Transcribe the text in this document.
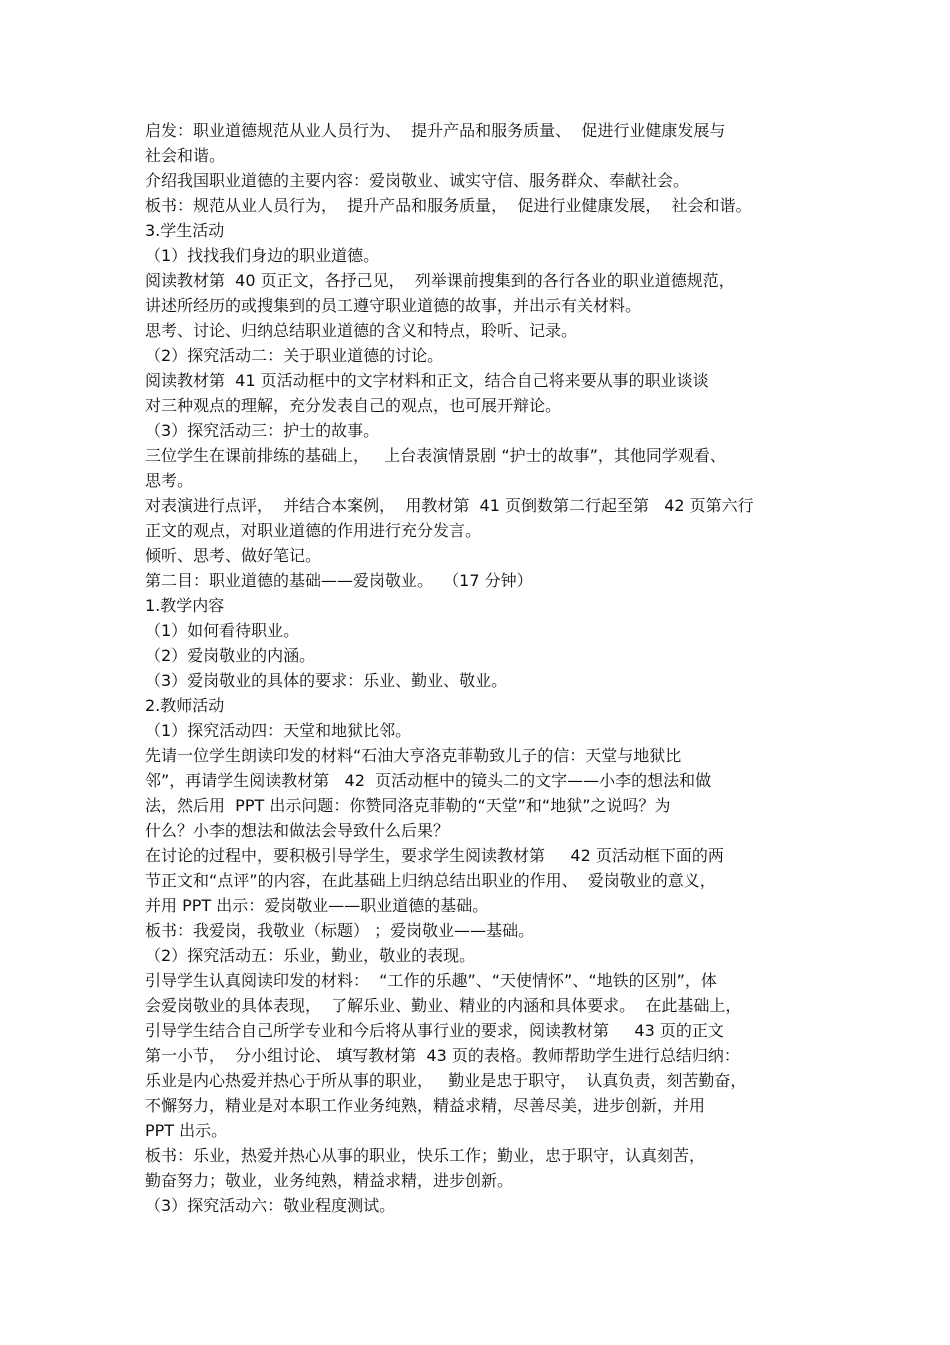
启发：职业道德规范从业人员行为、  提升产品和服务质量、  促进行业健康发展与
社会和谐。
介绍我国职业道德的主要内容：爱岗敬业、诚实守信、服务群众、奉献社会。
板书：规范从业人员行为，  提升产品和服务质量，  促进行业健康发展，  社会和谐。
3.学生活动
（1）找找我们身边的职业道德。
阅读教材第  40 页正文，各抒己见，  列举课前搜集到的各行各业的职业道德规范，
讲述所经历的或搜集到的员工遵守职业道德的故事，并出示有关材料。
思考、讨论、归纳总结职业道德的含义和特点，聆听、记录。
（2）探究活动二：关于职业道德的讨论。
阅读教材第  41 页活动框中的文字材料和正文，结合自己将来要从事的职业谈谈
对三种观点的理解，充分发表自己的观点，也可展开辩论。
（3）探究活动三：护士的故事。
三位学生在课前排练的基础上，   上台表演情景剧 “护士的故事”，其他同学观看、
思考。
对表演进行点评，  并结合本案例，  用教材第  41 页倒数第二行起至第   42 页第六行
正文的观点，对职业道德的作用进行充分发言。
倾听、思考、做好笔记。
第二目：职业道德的基础——爱岗敬业。  （17 分钟）
1.教学内容
（1）如何看待职业。
（2）爱岗敬业的内涵。
（3）爱岗敬业的具体的要求：乐业、勤业、敬业。
2.教师活动
（1）探究活动四：天堂和地狱比邻。
先请一位学生朗读印发的材料“石油大亨洛克菲勒致儿子的信：天堂与地狱比
邻”，再请学生阅读教材第   42  页活动框中的镜头二的文字——小李的想法和做
法，然后用  PPT 出示问题：你赞同洛克菲勒的“天堂”和“地狱”之说吗？为
什么？小李的想法和做法会导致什么后果？
在讨论的过程中，要积极引导学生，要求学生阅读教材第     42 页活动框下面的两
节正文和“点评”的内容，在此基础上归纳总结出职业的作用、  爱岗敬业的意义，
并用 PPT 出示：爱岗敬业——职业道德的基础。
板书：我爱岗，我敬业（标题） ；爱岗敬业——基础。
（2）探究活动五：乐业，勤业，敬业的表现。
引导学生认真阅读印发的材料：  “工作的乐趣”、“天使情怀”、“地铁的区别”，体
会爱岗敬业的具体表现，  了解乐业、勤业、精业的内涵和具体要求。  在此基础上，
引导学生结合自己所学专业和今后将从事行业的要求，阅读教材第     43 页的正文
第一小节，  分小组讨论、 填写教材第  43 页的表格。教师帮助学生进行总结归纳：
乐业是内心热爱并热心于所从事的职业，   勤业是忠于职守，  认真负责，刻苦勤奋，
不懈努力，精业是对本职工作业务纯熟，精益求精，尽善尽美，进步创新，并用
PPT 出示。
板书：乐业，热爱并热心从事的职业，快乐工作；勤业，忠于职守，认真刻苦，
勤奋努力；敬业，业务纯熟，精益求精，进步创新。
（3）探究活动六：敬业程度测试。
